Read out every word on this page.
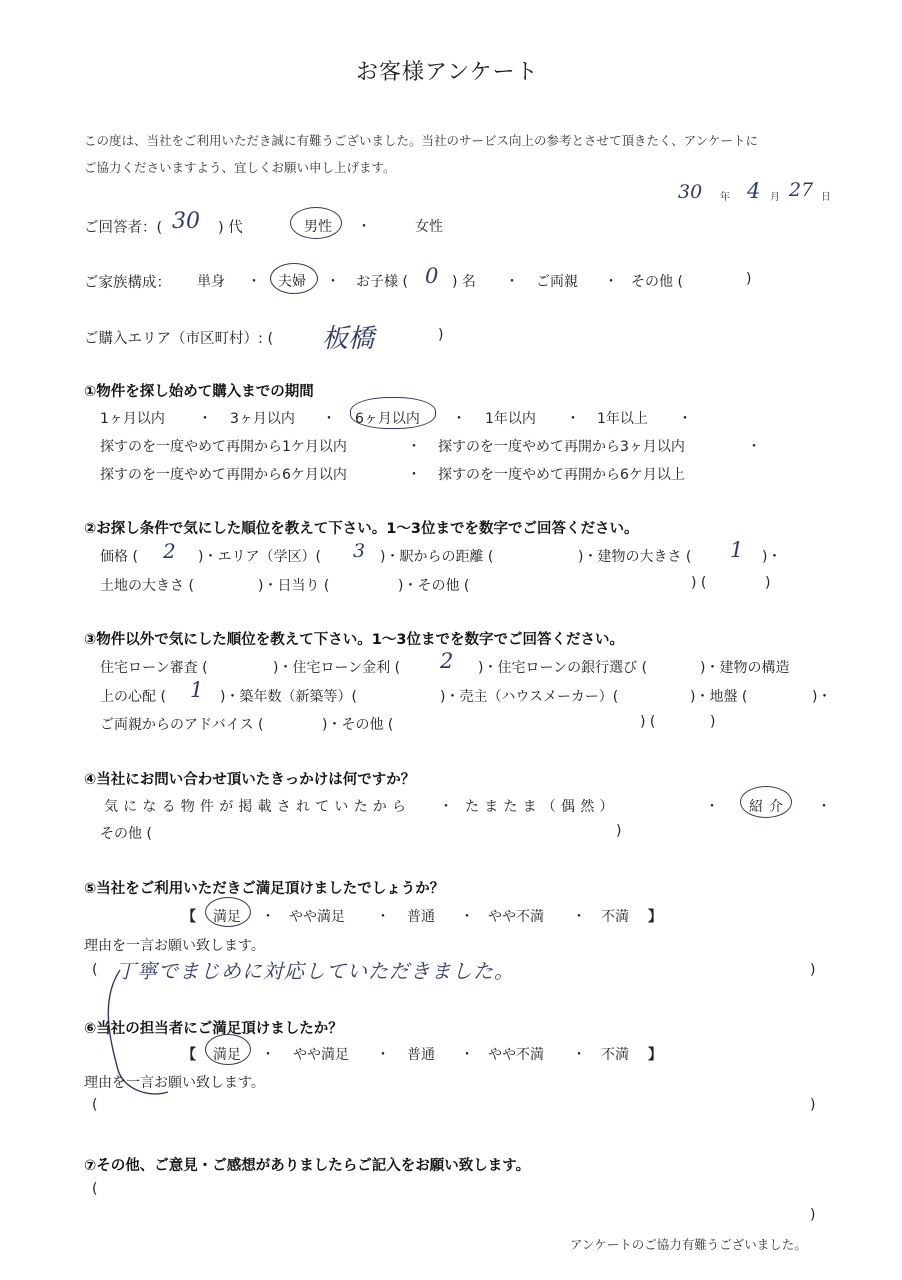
お客様アンケート
この度は、当社をご利用いただき誠に有難うございました。当社のサービス向上の参考とさせて頂きたく、アンケートに
ご協力くださいますよう、宜しくお願い申し上げます。
30 年 4 月 27 日
ご回答者：( 30 ) 代	男性 ・	女性
ご家族構成： 単身 ・ 夫婦 ・ お子様 ( 0 ) 名 ・ ご両親 ・ その他 (	)
ご購入エリア（市区町村）: ( 板橋	)
①物件を探し始めて購入までの期間
1ヶ月以内 ・ 3ヶ月以内 ・ 6ヶ月以内 ・ 1年以内 ・ 1年以上 ・
探すのを一度やめて再開から1ケ月以内	・ 探すのを一度やめて再開から3ヶ月以内	・
探すのを一度やめて再開から6ケ月以内	・ 探すのを一度やめて再開から6ケ月以上
②お探し条件で気にした順位を教えて下さい。1～3位までを数字でご回答ください。
価格 ( 2 )・エリア（学区）( 3 )・駅からの距離 (	)・建物の大きさ ( 1 )・
土地の大きさ (	)・日当り (	)・その他 (	) (	)
③物件以外で気にした順位を教えて下さい。1～3位までを数字でご回答ください。
住宅ローン審査 (	)・住宅ローン金利 ( 2 )・住宅ローンの銀行選び (	)・建物の構造
上の心配 ( 1 )・築年数（新築等）(	)・売主（ハウスメーカー）(	)・地盤 (	)・
ご両親からのアドバイス (	)・その他 (	) (	)
④当社にお問い合わせ頂いたきっかけは何ですか？
気になる物件が掲載されていたから ・ たまたま（偶然）	・ 紹介 ・
その他 (	)
⑤当社をご利用いただきご満足頂けましたでしょうか？
【 満足 ・ やや満足 ・ 普通 ・ やや不満 ・ 不満 】
理由を一言お願い致します。
( 丁寧でまじめに対応していただきました。	)
⑥当社の担当者にご満足頂けましたか？
【 満足 ・ やや満足 ・ 普通 ・ やや不満 ・ 不満 】
理由を一言お願い致します。
(	)
⑦その他、ご意見・ご感想がありましたらご記入をお願い致します。
(
)
アンケートのご協力有難うございました。
